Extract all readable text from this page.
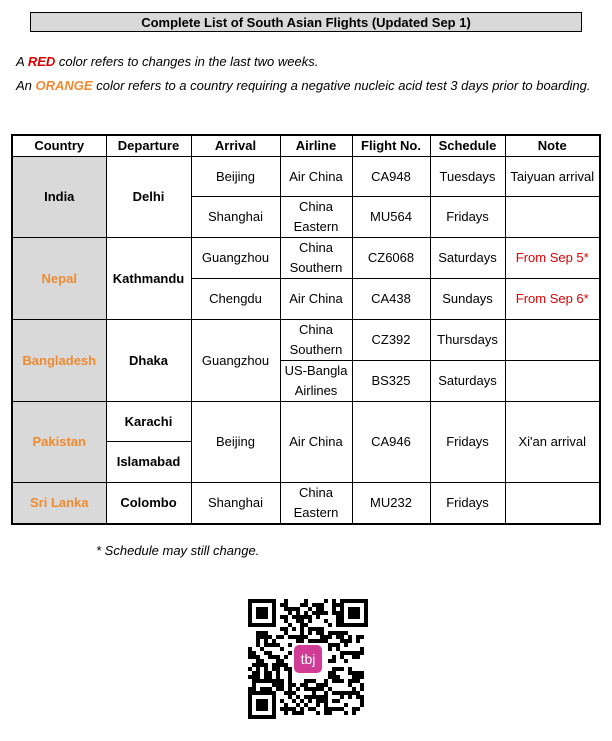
Complete List of South Asian Flights (Updated Sep 1)
A RED color refers to changes in the last two weeks.
An ORANGE color refers to a country requiring a negative nucleic acid test 3 days prior to boarding.
Country	Departure	Arrival	Airline	Flight No.	Schedule	Note
India	Delhi	Beijing	Air China	CA948	Tuesdays	Taiyuan arrival
		Shanghai	China Eastern	MU564	Fridays	
Nepal	Kathmandu	Guangzhou	China Southern	CZ6068	Saturdays	From Sep 5*
		Chengdu	Air China	CA438	Sundays	From Sep 6*
Bangladesh	Dhaka	Guangzhou	China Southern	CZ392	Thursdays	
			US-Bangla Airlines	BS325	Saturdays	
Pakistan	Karachi	Beijing	Air China	CA946	Fridays	Xi'an arrival
	Islamabad					
Sri Lanka	Colombo	Shanghai	China Eastern	MU232	Fridays	
* Schedule may still change.
tbj
